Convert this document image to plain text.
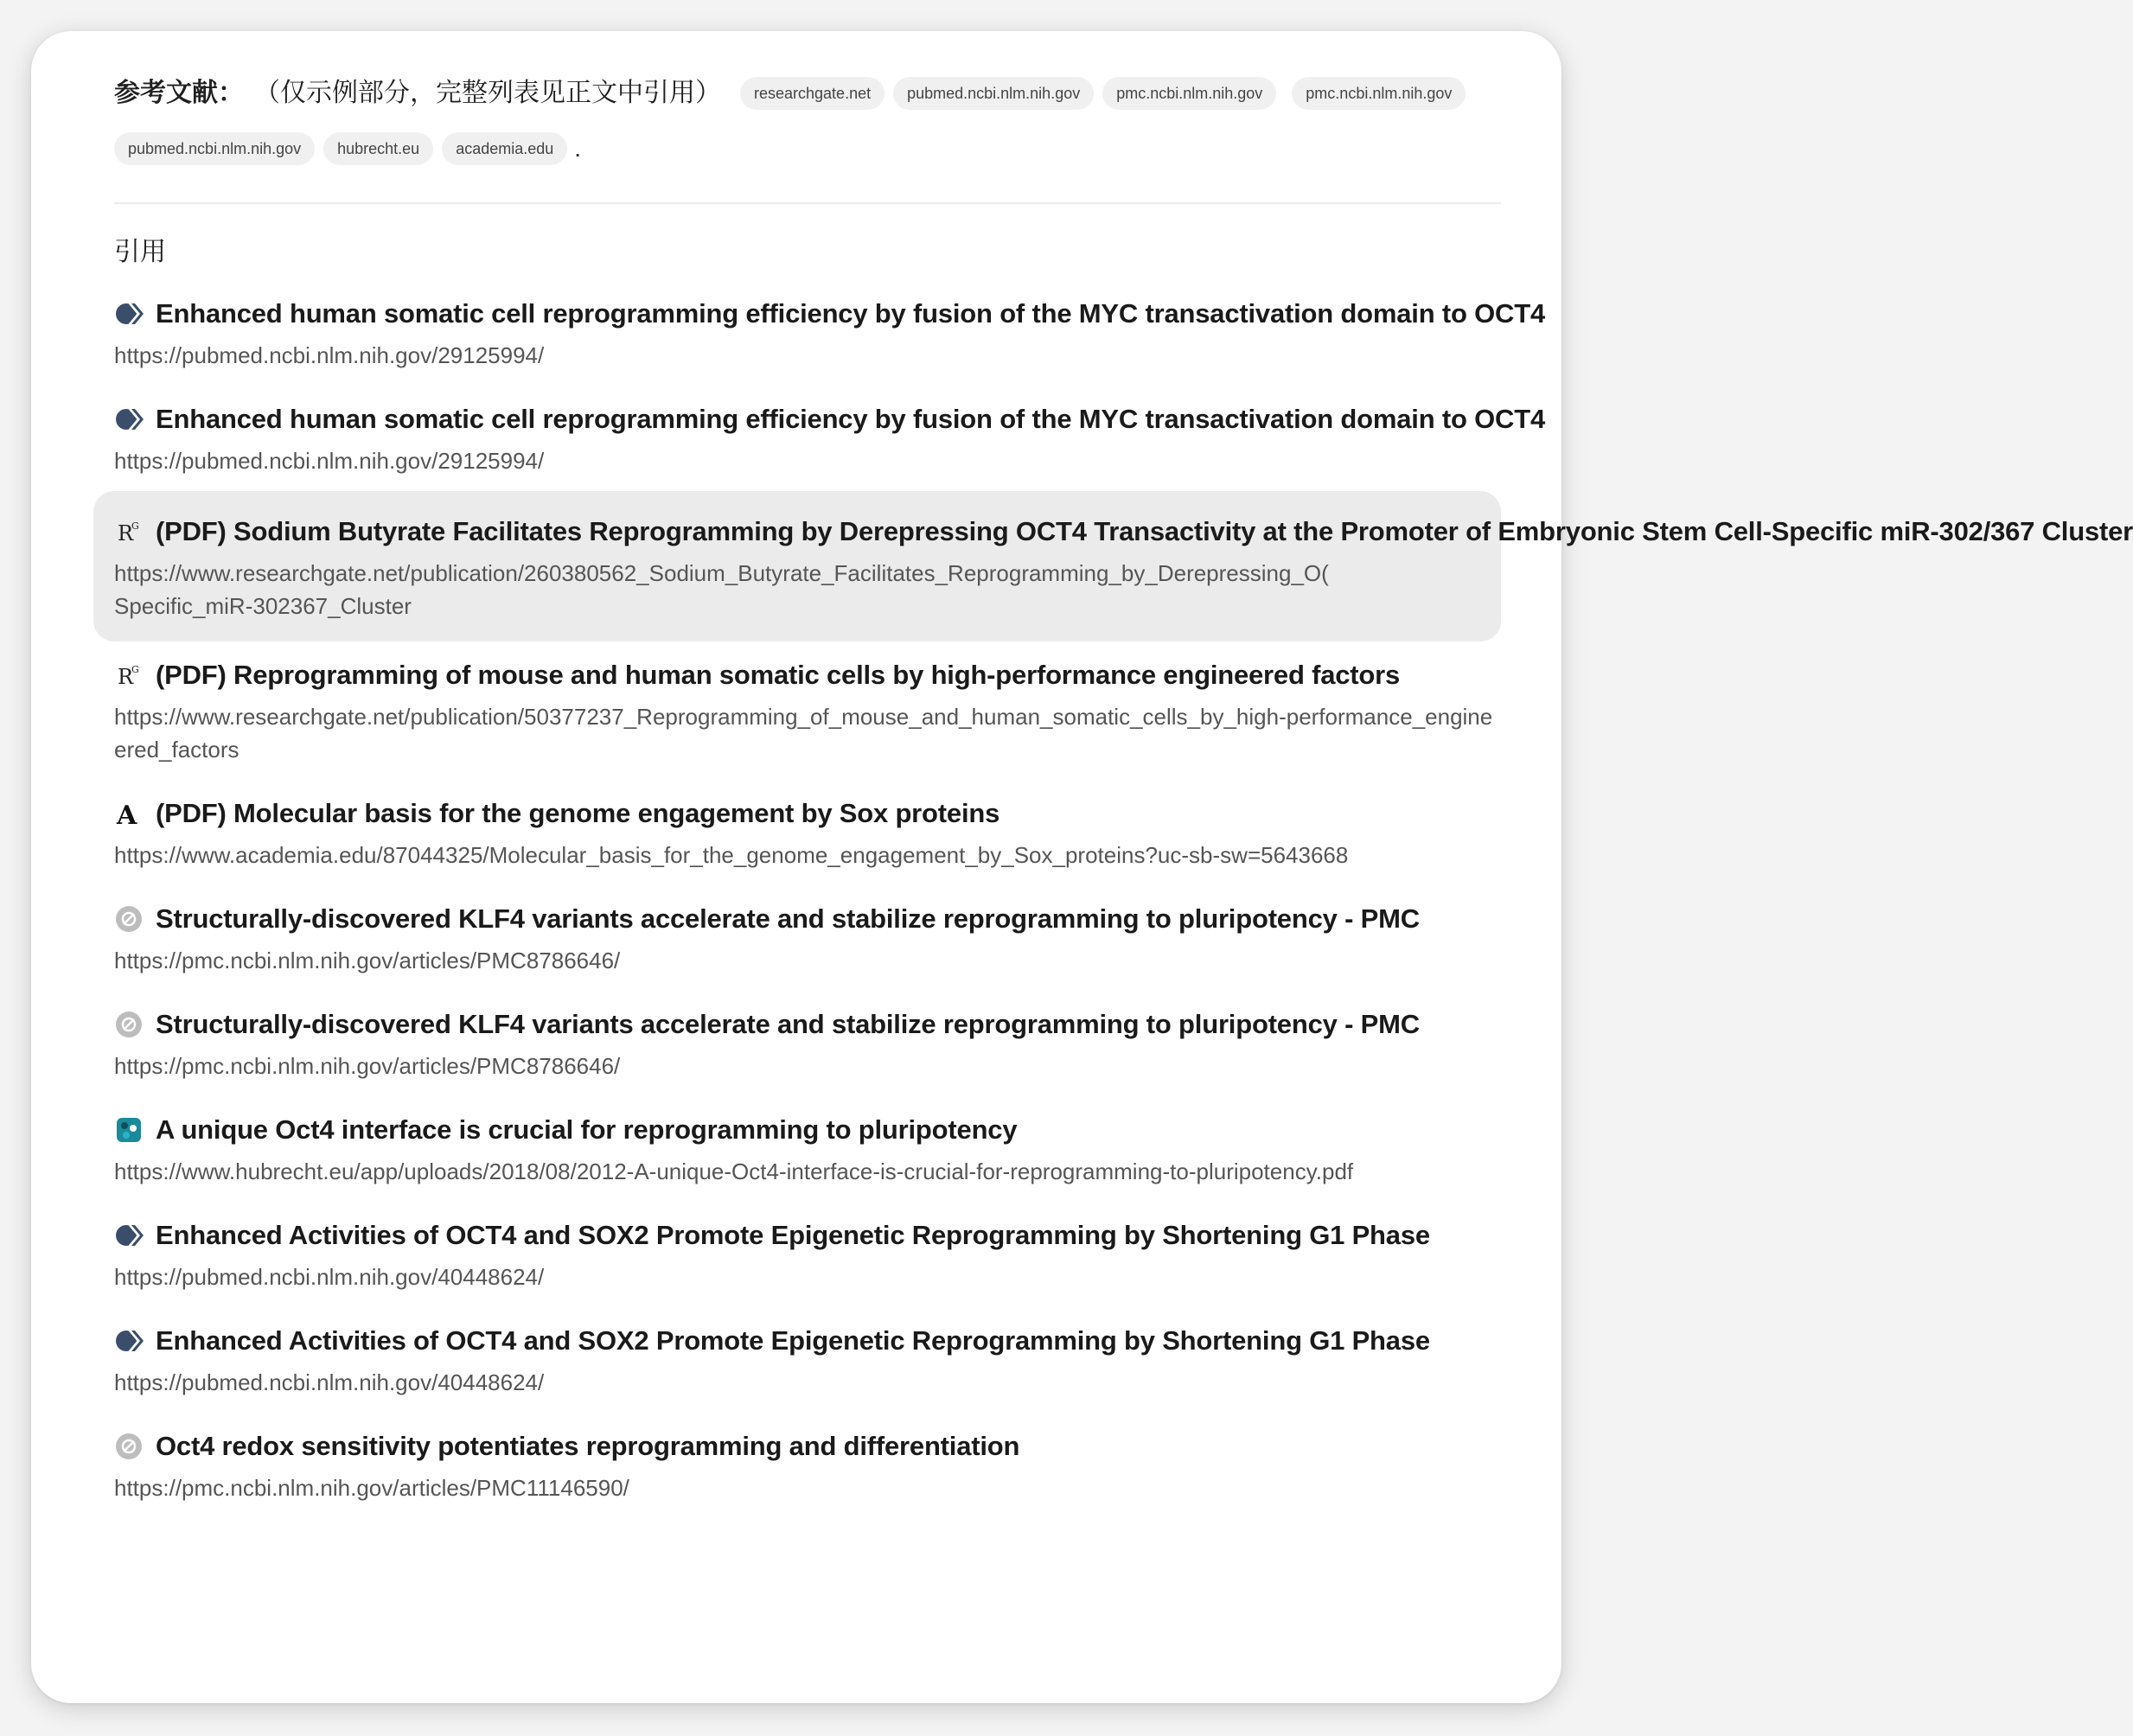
参考文献： （仅示例部分，完整列表见正文中引用）	researchgate.net	pubmed.ncbi.nlm.nih.gov	pmc.ncbi.nlm.nih.gov	pmc.ncbi.nlm.nih.gov
pubmed.ncbi.nlm.nih.gov	hubrecht.eu	academia.edu .
引用
Enhanced human somatic cell reprogramming efficiency by fusion of the MYC transactivation domain to OCT4
https://pubmed.ncbi.nlm.nih.gov/29125994/
Enhanced human somatic cell reprogramming efficiency by fusion of the MYC transactivation domain to OCT4
https://pubmed.ncbi.nlm.nih.gov/29125994/
R
G (PDF) Sodium Butyrate Facilitates Reprogramming by Derepressing OCT4 Transactivity at the Promoter of Embryonic Stem Cell-Specific miR-302/367 Cluster
https://www.researchgate.net/publication/260380562_Sodium_Butyrate_Facilitates_Reprogramming_by_Derepressing_O(
Specific_miR-302367_Cluster
R
G (PDF) Reprogramming of mouse and human somatic cells by high-performance engineered factors
https://www.researchgate.net/publication/50377237_Reprogramming_of_mouse_and_human_somatic_cells_by_high-performance_engineered_factors
A (PDF) Molecular basis for the genome engagement by Sox proteins
https://www.academia.edu/87044325/Molecular_basis_for_the_genome_engagement_by_Sox_proteins?uc-sb-sw=5643668
Structurally-discovered KLF4 variants accelerate and stabilize reprogramming to pluripotency - PMC
https://pmc.ncbi.nlm.nih.gov/articles/PMC8786646/
Structurally-discovered KLF4 variants accelerate and stabilize reprogramming to pluripotency - PMC
https://pmc.ncbi.nlm.nih.gov/articles/PMC8786646/
A unique Oct4 interface is crucial for reprogramming to pluripotency
https://www.hubrecht.eu/app/uploads/2018/08/2012-A-unique-Oct4-interface-is-crucial-for-reprogramming-to-pluripotency.pdf
Enhanced Activities of OCT4 and SOX2 Promote Epigenetic Reprogramming by Shortening G1 Phase
https://pubmed.ncbi.nlm.nih.gov/40448624/
Enhanced Activities of OCT4 and SOX2 Promote Epigenetic Reprogramming by Shortening G1 Phase
https://pubmed.ncbi.nlm.nih.gov/40448624/
Oct4 redox sensitivity potentiates reprogramming and differentiation
https://pmc.ncbi.nlm.nih.gov/articles/PMC11146590/
